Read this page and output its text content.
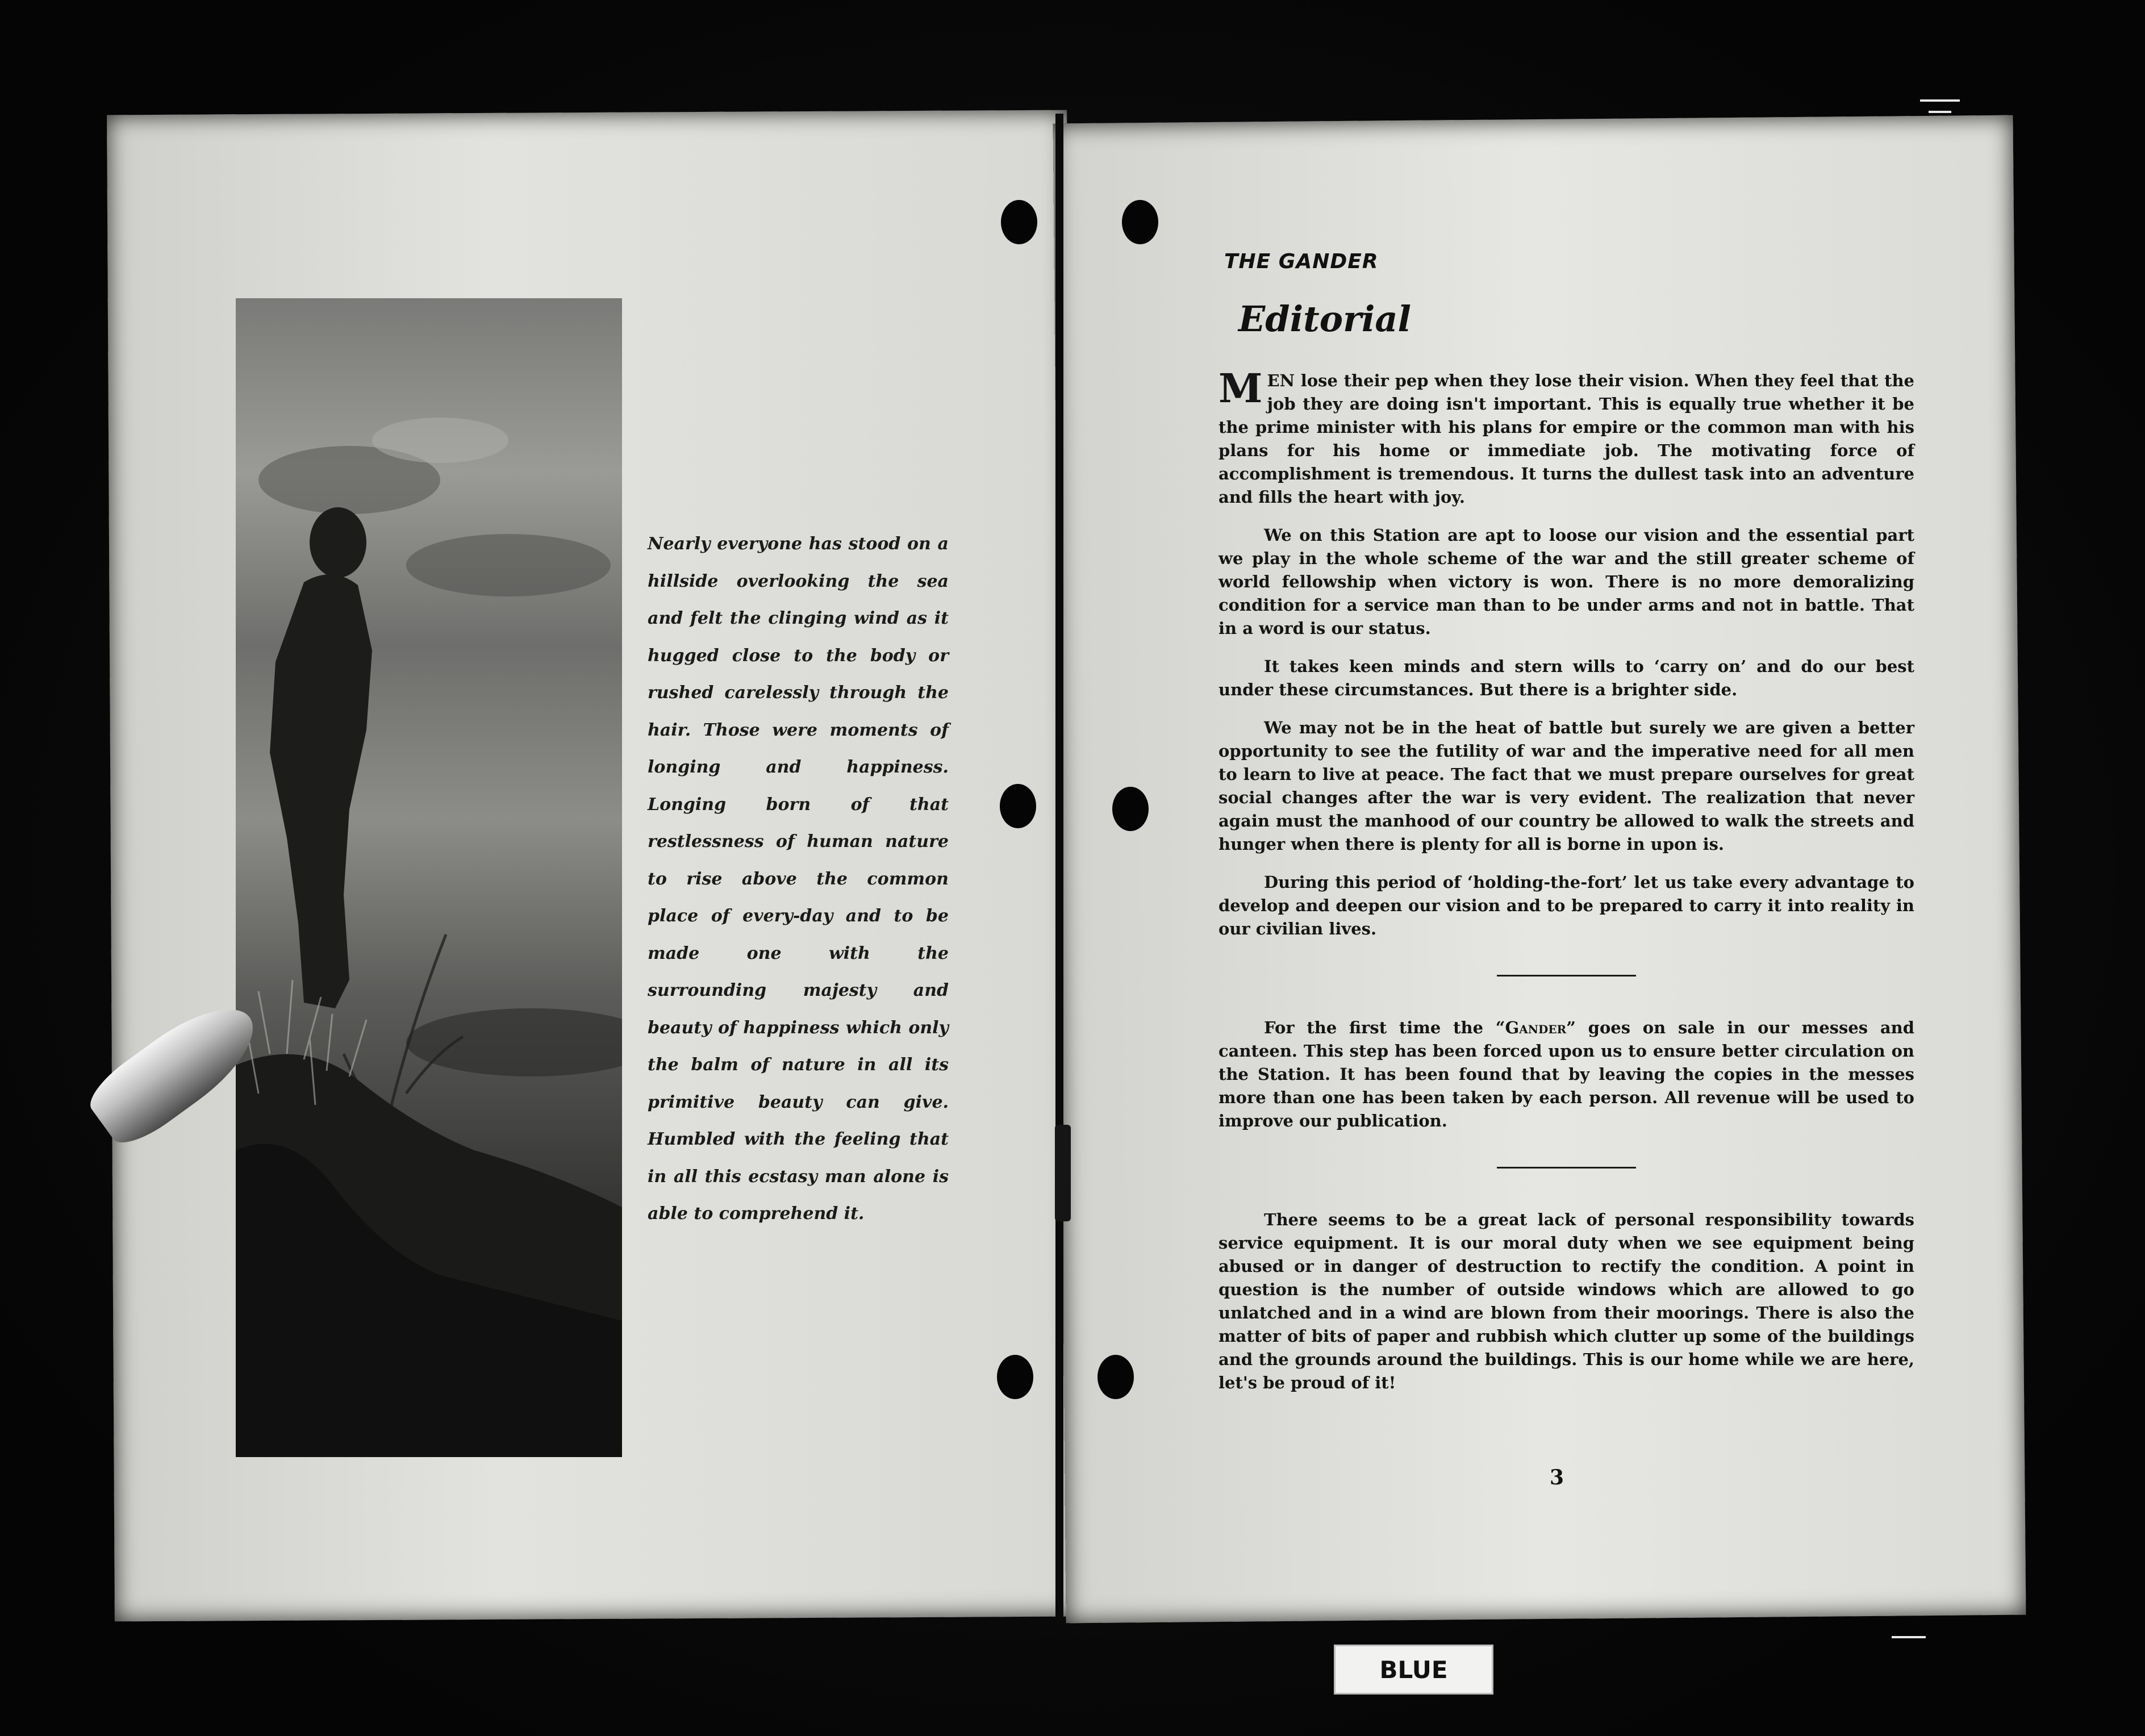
Nearly everyone has stood on a hillside overlooking the sea and felt the clinging wind as it hugged close to the body or rushed carelessly through the hair. Those were moments of longing and happiness. Longing born of that restlessness of human nature to rise above the common place of every-day and to be made one with the surrounding majesty and beauty of happiness which only the balm of nature in all its primitive beauty can give. Humbled with the feeling that in all this ecstasy man alone is able to comprehend it.
THE GANDER
Editorial

MEN lose their pep when they lose their vision. When they feel that the job they are doing isn't important. This is equally true whether it be the prime minister with his plans for empire or the common man with his plans for his home or immediate job. The motivating force of accomplishment is tremendous. It turns the dullest task into an adventure and fills the heart with joy.

We on this Station are apt to loose our vision and the essential part we play in the whole scheme of the war and the still greater scheme of world fellowship when victory is won. There is no more demoralizing condition for a service man than to be under arms and not in battle. That in a word is our status.

It takes keen minds and stern wills to ‘carry on’ and do our best under these circumstances. But there is a brighter side.

We may not be in the heat of battle but surely we are given a better opportunity to see the futility of war and the imperative need for all men to learn to live at peace. The fact that we must prepare ourselves for great social changes after the war is very evident. The realization that never again must the manhood of our country be allowed to walk the streets and hunger when there is plenty for all is borne in upon is.

During this period of ‘holding-the-fort’ let us take every advantage to develop and deepen our vision and to be prepared to carry it into reality in our civilian lives.

For the first time the “Gander” goes on sale in our messes and canteen. This step has been forced upon us to ensure better circulation on the Station. It has been found that by leaving the copies in the messes more than one has been taken by each person. All revenue will be used to improve our publication.

There seems to be a great lack of personal responsibility towards service equipment. It is our moral duty when we see equipment being abused or in danger of destruction to rectify the condition. A point in question is the number of outside windows which are allowed to go unlatched and in a wind are blown from their moorings. There is also the matter of bits of paper and rubbish which clutter up some of the buildings and the grounds around the buildings. This is our home while we are here, let's be proud of it!

3
BLUE
